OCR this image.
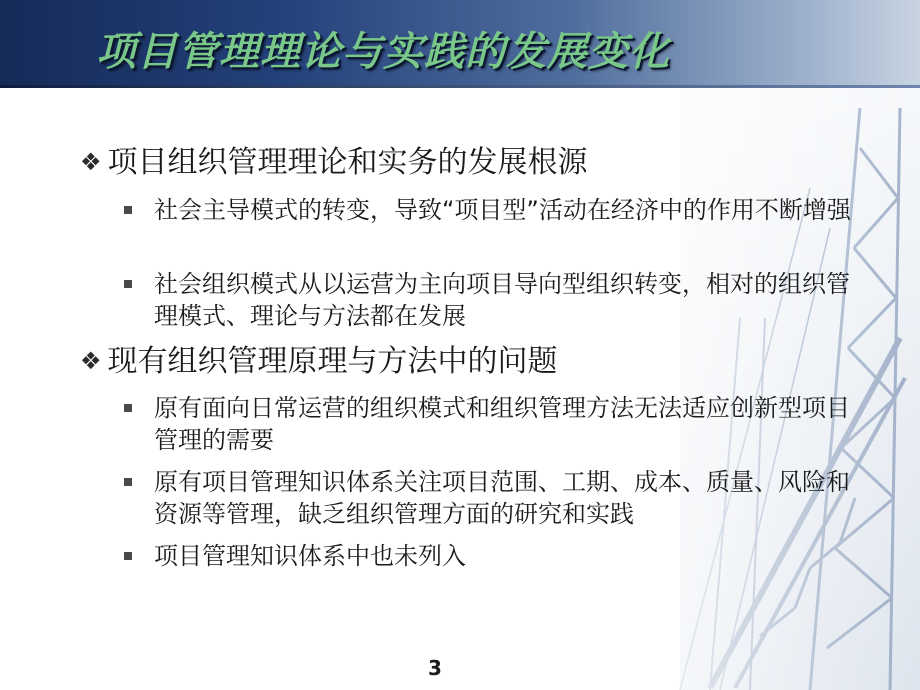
项目管理理论与实践的发展变化
❖ 项目组织管理理论和实务的发展根源
社会主导模式的转变，导致“项目型”活动在经济中的作用不断增强
社会组织模式从以运营为主向项目导向型组织转变，相对的组织管理模式、理论与方法都在发展
❖ 现有组织管理原理与方法中的问题
原有面向日常运营的组织模式和组织管理方法无法适应创新型项目管理的需要
原有项目管理知识体系关注项目范围、工期、成本、质量、风险和资源等管理，缺乏组织管理方面的研究和实践
项目管理知识体系中也未列入
3
